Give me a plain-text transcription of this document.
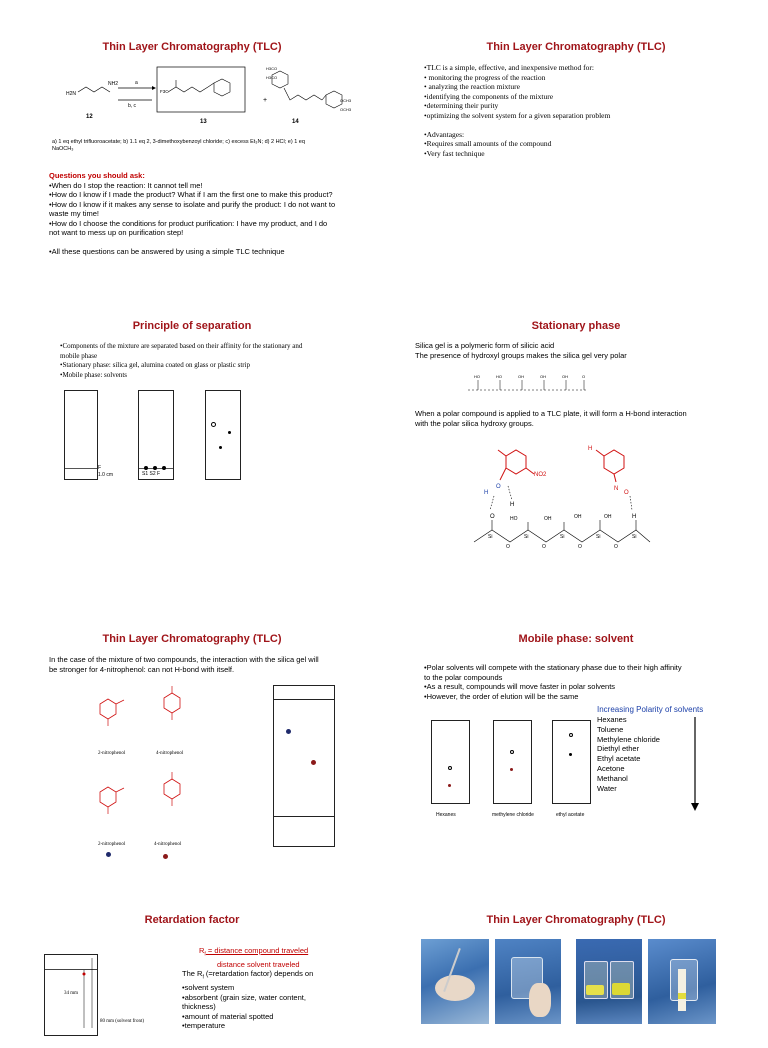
Thin Layer Chromatography (TLC)
H2N
NH2
12
a
b, c
F3C
13
+
H3CO
H3CO
OCH3
OCH3
14
a) 1 eq ethyl trifluoroacetate; b) 1.1 eq 2, 3-dimethoxybenzoyl chloride; c) excess Et₃N; d) 2 HCl; e) 1 eq
NaOCH₃
Questions you should ask:
•When do I stop the reaction: It cannot tell me!
•How do I know if I made the product? What if I am the first one to make this product?
•How do I know if it makes any sense to isolate and purify the product: I do not want to
waste my time!
•How do I choose the conditions for product purification: I have my product, and I do
not want to mess up on purification step!
•All these questions can be answered by using a simple TLC technique
Thin Layer Chromatography (TLC)
•TLC is a simple, effective, and inexpensive method for:
• monitoring the progress of the reaction
• analyzing the reaction mixture
•identifying the components of the mixture
•determining their purity
•optimizing the solvent system for a given separation problem
•Advantages:
•Requires small amounts of the compound
•Very fast technique
Principle of separation
•Components of the mixture are separated based on their affinity for the stationary and
mobile phase
•Stationary phase: silica gel, alumina coated on glass or plastic strip
•Mobile phase: solvents
F
1.0 cm	S1 S2 F
Stationary phase
Silica gel is a polymeric form of silicic acid
The presence of hydroxyl groups makes the silica gel very polar
HO	HO	OH	OH	OH	O
When a polar compound is applied to a TLC plate, it will form a H-bond interaction
with the polar silica hydroxy groups.
NO2
O
H
H
O
H
N
O
H
Si	Si	Si	Si	Si
O	O	O	O
HO	OH	OH	OH
Thin Layer Chromatography (TLC)
In the case of the mixture of two compounds, the interaction with the silica gel will
be stronger for 4-nitrophenol: can not H-bond with itself.
2-nitrophenol	4-nitrophenol
2-nitrophenol	4-nitrophenol
Mobile phase: solvent
•Polar solvents will compete with the stationary phase due to their high affinity
to the polar compounds
•As a result, compounds will move faster in polar solvents
•However, the order of elution will be the same
Hexanes	methylene chloride	ethyl acetate
Increasing Polarity of solvents
Hexanes
Toluene
Methylene chloride
Diethyl ether
Ethyl acetate
Acetone
Methanol
Water
Retardation factor
$R_f$ = distance compound traveled
distance solvent traveled
The $R_f$ (=retardation factor) depends on
•solvent system
•absorbent (grain size, water content,
thickness)
•amount of material spotted
•temperature
34 mm
80 mm (solvent front)
Thin Layer Chromatography (TLC)
